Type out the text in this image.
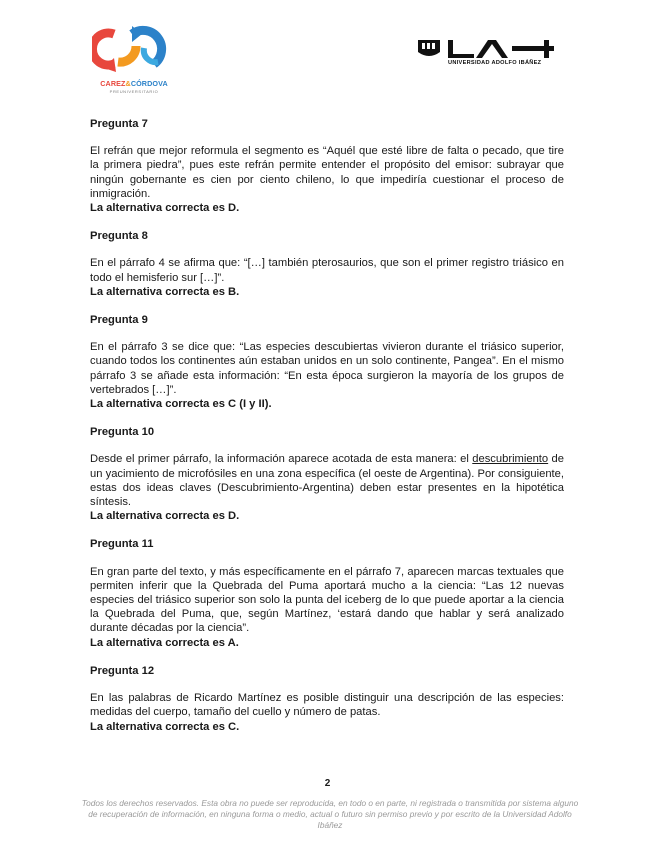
CAREZ&CÓRDOVA
PREUNIVERSITARIO
UNIVERSIDAD ADOLFO IBÁÑEZ

Pregunta 7

El refrán que mejor reformula el segmento es “Aquél que esté libre de falta o pecado, que tire la primera piedra”, pues este refrán permite entender el propósito del emisor: subrayar que ningún gobernante es cien por ciento chileno, lo que impediría cuestionar el proceso de inmigración.

La alternativa correcta es D.

Pregunta 8

En el párrafo 4 se afirma que: “[…] también pterosaurios, que son el primer registro triásico en todo el hemisferio sur […]”.

La alternativa correcta es B.

Pregunta 9

En el párrafo 3 se dice que: “Las especies descubiertas vivieron durante el triásico superior, cuando todos los continentes aún estaban unidos en un solo continente, Pangea”. En el mismo párrafo 3 se añade esta información: “En esta época surgieron la mayoría de los grupos de vertebrados […]”.

La alternativa correcta es C (I y II).

Pregunta 10

Desde el primer párrafo, la información aparece acotada de esta manera: el descubrimiento de un yacimiento de microfósiles en una zona específica (el oeste de Argentina). Por consiguiente, estas dos ideas claves (Descubrimiento-Argentina) deben estar presentes en la hipotética síntesis.

La alternativa correcta es D.

Pregunta 11

En gran parte del texto, y más específicamente en el párrafo 7, aparecen marcas textuales que permiten inferir que la Quebrada del Puma aportará mucho a la ciencia: “Las 12 nuevas especies del triásico superior son solo la punta del iceberg de lo que puede aportar a la ciencia la Quebrada del Puma, que, según Martínez, ‘estará dando que hablar y será analizado durante décadas por la ciencia”.

La alternativa correcta es A.

Pregunta 12

En las palabras de Ricardo Martínez es posible distinguir una descripción de las especies: medidas del cuerpo, tamaño del cuello y número de patas.

La alternativa correcta es C.

2
Todos los derechos reservados. Esta obra no puede ser reproducida, en todo o en parte, ni registrada o transmitida por sistema alguno de recuperación de información, en ninguna forma o medio, actual o futuro sin permiso previo y por escrito de la Universidad Adolfo Ibáñez
